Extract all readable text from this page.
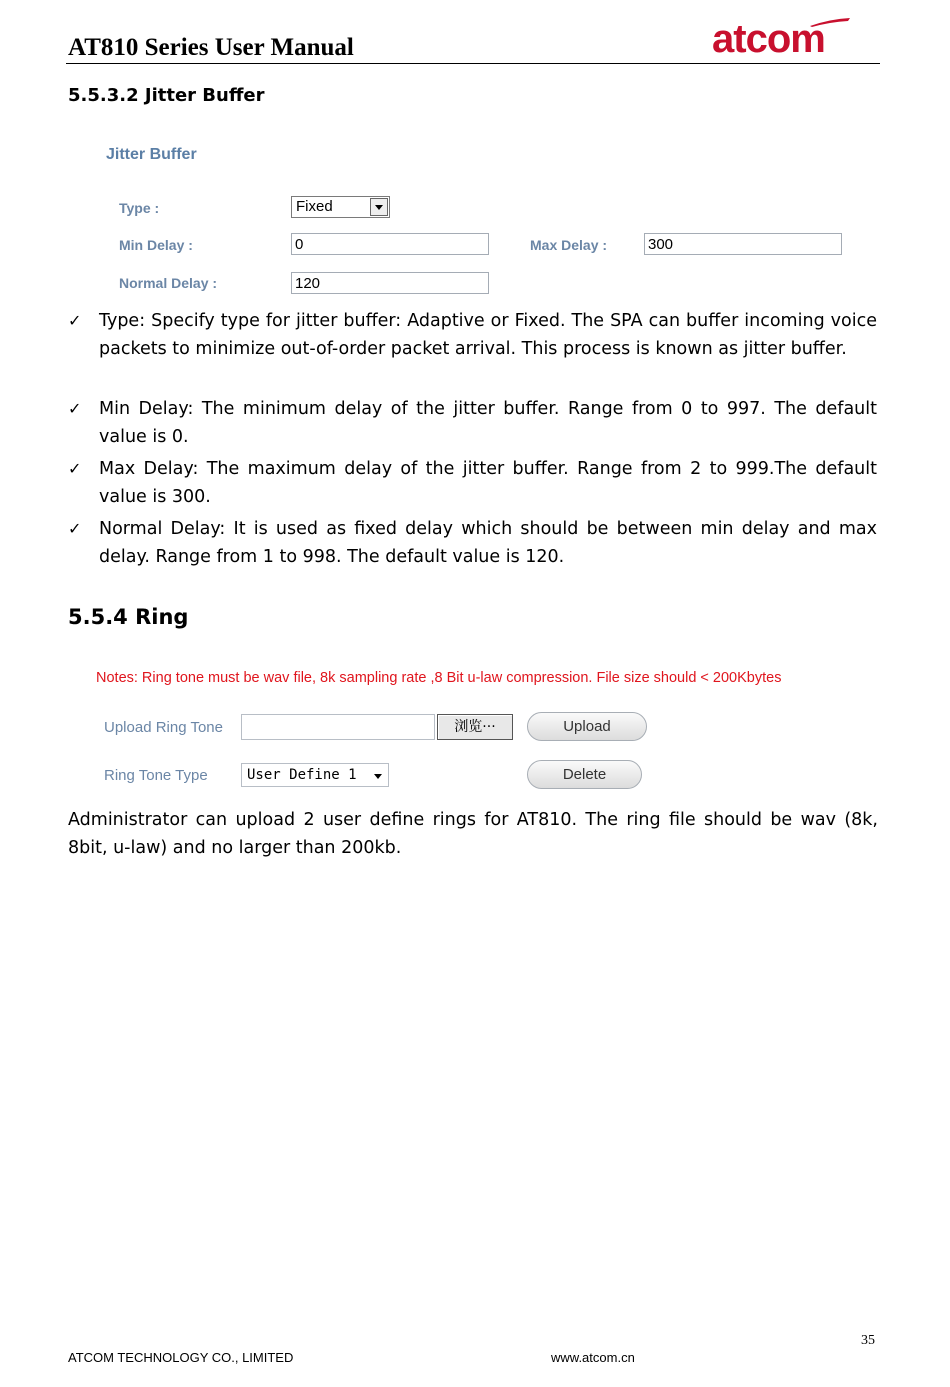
AT810 Series User Manual	atcom
5.5.3.2 Jitter Buffer
Jitter Buffer
Type :	Fixed
Min Delay :	0	Max Delay :	300
Normal Delay :	120
✓	Type: Specify type for jitter buffer: Adaptive or Fixed. The SPA can buffer incoming voice packets to minimize out-of-order packet arrival. This process is known as jitter buffer.
✓	Min Delay: The minimum delay of the jitter buffer. Range from 0 to 997. The default value is 0.
✓	Max Delay: The maximum delay of the jitter buffer. Range from 2 to 999.The default value is 300.
✓	Normal Delay: It is used as fixed delay which should be between min delay and max delay. Range from 1 to 998. The default value is 120.
5.5.4 Ring
Notes: Ring tone must be wav file, 8k sampling rate ,8 Bit u-law compression. File size should < 200Kbytes
Upload Ring Tone	浏览···	Upload
Ring Tone Type	User Define 1	Delete
Administrator can upload 2 user define rings for AT810. The ring file should be wav (8k, 8bit, u-law) and no larger than 200kb.
35
ATCOM TECHNOLOGY CO., LIMITED	www.atcom.cn
